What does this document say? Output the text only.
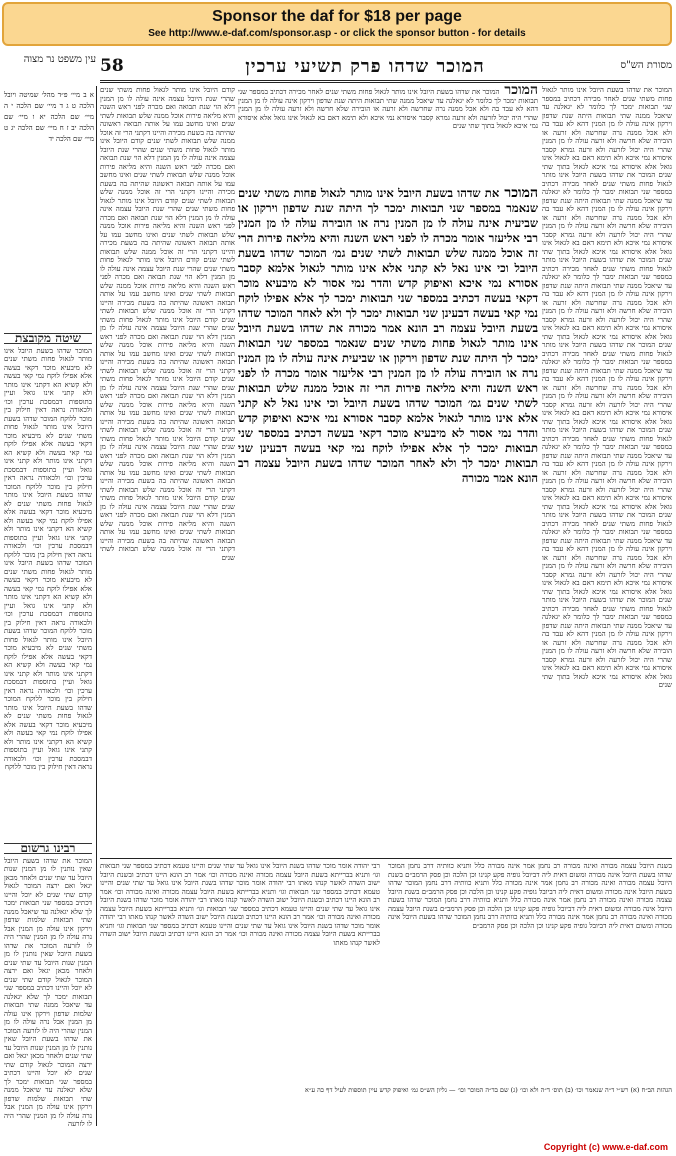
Sponsor the daf for $18 per page
See http://www.e-daf.com/sponsor.asp - or click the sponsor button - for details
עין משפט נר מצוה 58	המוכר שדהו פרק תשיעי ערכין	מסורת הש"ס
א ב מיי׳ פ״ד מהל׳ שמיטה ויובל הלכה ט ג ד מיי׳ שם הלכה י ה מיי׳ שם הלכה יא ו מיי׳ שם הלכה יב ז ח מיי׳ שם הלכה יג ט מיי׳ שם הלכה יד
שיטה מקובצת
המוכר שדהו בשעת היובל אינו מותר לגאול פחות משתי שנים לא מיבעיא מוכר דקאי בעשה אלא אפילו לוקח נמי קאי בעשה ולא קשיא הא דקתני אינו מותר ולא קתני אינו גואל ועיין בתוספות דבמסכת ערכין וכו׳ ולכאורה נראה דאין חילוק בין מוכר ללוקח המוכר שדהו בשעת היובל אינו מותר לגאול פחות משתי שנים לא מיבעיא מוכר דקאי בעשה אלא אפילו לוקח נמי קאי בעשה ולא קשיא הא דקתני אינו מותר ולא קתני אינו גואל ועיין בתוספות דבמסכת ערכין וכו׳ ולכאורה נראה דאין חילוק בין מוכר ללוקח המוכר שדהו בשעת היובל אינו מותר לגאול פחות משתי שנים לא מיבעיא מוכר דקאי בעשה אלא אפילו לוקח נמי קאי בעשה ולא קשיא הא דקתני אינו מותר ולא קתני אינו גואל ועיין בתוספות דבמסכת ערכין וכו׳ ולכאורה נראה דאין חילוק בין מוכר ללוקח המוכר שדהו בשעת היובל אינו מותר לגאול פחות משתי שנים לא מיבעיא מוכר דקאי בעשה אלא אפילו לוקח נמי קאי בעשה ולא קשיא הא דקתני אינו מותר ולא קתני אינו גואל ועיין בתוספות דבמסכת ערכין וכו׳ ולכאורה נראה דאין חילוק בין מוכר ללוקח המוכר שדהו בשעת היובל אינו מותר לגאול פחות משתי שנים לא מיבעיא מוכר דקאי בעשה אלא אפילו לוקח נמי קאי בעשה ולא קשיא הא דקתני אינו מותר ולא קתני אינו גואל ועיין בתוספות דבמסכת ערכין וכו׳ ולכאורה נראה דאין חילוק בין מוכר ללוקח המוכר שדהו בשעת היובל אינו מותר לגאול פחות משתי שנים לא מיבעיא מוכר דקאי בעשה אלא אפילו לוקח נמי קאי בעשה ולא קשיא הא דקתני אינו מותר ולא קתני אינו גואל ועיין בתוספות דבמסכת ערכין וכו׳ ולכאורה נראה דאין חילוק בין מוכר ללוקח
קודם היובל אינו מותר לגאול פחות משתי שנים שהרי שנת היובל עצמה אינה עולה לו מן המנין דלא הוי שנת תבואה ואם מכרה לפני ראש השנה והיא מליאה פירות אוכל ממנה שלש תבואות לשתי שנים ואינו מחשב עמו על אותה תבואה ראשונה שהיתה בה בשעת מכירה והיינו דקתני הרי זה אוכל ממנה שלש תבואות לשתי שנים קודם היובל אינו מותר לגאול פחות משתי שנים שהרי שנת היובל עצמה אינה עולה לו מן המנין דלא הוי שנת תבואה ואם מכרה לפני ראש השנה והיא מליאה פירות אוכל ממנה שלש תבואות לשתי שנים ואינו מחשב עמו על אותה תבואה ראשונה שהיתה בה בשעת מכירה והיינו דקתני הרי זה אוכל ממנה שלש תבואות לשתי שנים קודם היובל אינו מותר לגאול פחות משתי שנים שהרי שנת היובל עצמה אינה עולה לו מן המנין דלא הוי שנת תבואה ואם מכרה לפני ראש השנה והיא מליאה פירות אוכל ממנה שלש תבואות לשתי שנים ואינו מחשב עמו על אותה תבואה ראשונה שהיתה בה בשעת מכירה והיינו דקתני הרי זה אוכל ממנה שלש תבואות לשתי שנים קודם היובל אינו מותר לגאול פחות משתי שנים שהרי שנת היובל עצמה אינה עולה לו מן המנין דלא הוי שנת תבואה ואם מכרה לפני ראש השנה והיא מליאה פירות אוכל ממנה שלש תבואות לשתי שנים ואינו מחשב עמו על אותה תבואה ראשונה שהיתה בה בשעת מכירה והיינו דקתני הרי זה אוכל ממנה שלש תבואות לשתי שנים קודם היובל אינו מותר לגאול פחות משתי שנים שהרי שנת היובל עצמה אינה עולה לו מן המנין דלא הוי שנת תבואה ואם מכרה לפני ראש השנה והיא מליאה פירות אוכל ממנה שלש תבואות לשתי שנים ואינו מחשב עמו על אותה תבואה ראשונה שהיתה בה בשעת מכירה והיינו דקתני הרי זה אוכל ממנה שלש תבואות לשתי שנים קודם היובל אינו מותר לגאול פחות משתי שנים שהרי שנת היובל עצמה אינה עולה לו מן המנין דלא הוי שנת תבואה ואם מכרה לפני ראש השנה והיא מליאה פירות אוכל ממנה שלש תבואות לשתי שנים ואינו מחשב עמו על אותה תבואה ראשונה שהיתה בה בשעת מכירה והיינו דקתני הרי זה אוכל ממנה שלש תבואות לשתי שנים קודם היובל אינו מותר לגאול פחות משתי שנים שהרי שנת היובל עצמה אינה עולה לו מן המנין דלא הוי שנת תבואה ואם מכרה לפני ראש השנה והיא מליאה פירות אוכל ממנה שלש תבואות לשתי שנים ואינו מחשב עמו על אותה תבואה ראשונה שהיתה בה בשעת מכירה והיינו דקתני הרי זה אוכל ממנה שלש תבואות לשתי שנים קודם היובל אינו מותר לגאול פחות משתי שנים שהרי שנת היובל עצמה אינה עולה לו מן המנין דלא הוי שנת תבואה ואם מכרה לפני ראש השנה והיא מליאה פירות אוכל ממנה שלש תבואות לשתי שנים ואינו מחשב עמו על אותה תבואה ראשונה שהיתה בה בשעת מכירה והיינו דקתני הרי זה אוכל ממנה שלש תבואות לשתי שנים
המוכר המוכר את שדהו בשעת היובל אינו מותר לגאול פחות משתי שנים לאחר מכירה דכתיב במספר שני תבואות ימכר לך כלומר לא יגאלנה עד שיאכל ממנה שתי תבואות היתה שנת שדפון וירקון אינה עולה לו מן המנין דהא לא עבד בה ולא אכל ממנה נרה שחרשה ולא זרעה או הובירה שלא חרשה ולא זרעה עולה לו מן המנין שהרי היה יכול לזרעה ולא זרעה גמרא קסבר איסורא נמי איכא ולא תימא דאם בא לגאול אינו גואל אלא איסורא נמי איכא לגאול בתוך שתי שנים
המוכר את שדהו בשעת היובל אינו מותר לגאול פחות משתי שנים שנאמר במספר שני תבואות ימכר לך היתה שנת שדפון וירקון או שביעית אינה עולה לו מן המנין נרה או הובירה עולה לו מן המנין רבי אליעזר אומר מכרה לו לפני ראש השנה והיא מליאה פירות הרי זה אוכל ממנה שלש תבואות לשתי שנים גמ׳ המוכר שדהו בשעת היובל וכי אינו נאל לא קתני אלא אינו מותר לגאול אלמא קסבר אסורא נמי איכא ואיפוק קדש והדר נמי אסור לא מיבעיא מוכר דקאי בעשה דכתיב במספר שני תבואות ימכר לך אלא אפילו לוקח נמי קאי בעשה דבעינן שני תבואות ימכר לך ולא לאחר המוכר שדהו בשעת היובל עצמה רב הונא אמר מכורה את שדהו בשעת היובל אינו מותר לגאול פחות משתי שנים שנאמר במספר שני תבואות ימכר לך היתה שנת שדפון וירקון או שביעית אינה עולה לו מן המנין נרה או הובירה עולה לו מן המנין רבי אליעזר אומר מכרה לו לפני ראש השנה והיא מליאה פירות הרי זה אוכל ממנה שלש תבואות לשתי שנים גמ׳ המוכר שדהו בשעת היובל וכי אינו נאל לא קתני אלא אינו מותר לגאול אלמא קסבר אסורא נמי איכא ואיפוק קדש והדר נמי אסור לא מיבעיא מוכר דקאי בעשה דכתיב במספר שני תבואות ימכר לך אלא אפילו לוקח נמי קאי בעשה דבעינן שני תבואות ימכר לך ולא לאחר המוכר שדהו בשעת היובל עצמה רב הונא אמר מכורה
המוכר את שדהו בשעת היובל אינו מותר לגאול פחות משתי שנים לאחר מכירה דכתיב במספר שני תבואות ימכר לך כלומר לא יגאלנה עד שיאכל ממנה שתי תבואות היתה שנת שדפון וירקון אינה עולה לו מן המנין דהא לא עבד בה ולא אכל ממנה נרה שחרשה ולא זרעה או הובירה שלא חרשה ולא זרעה עולה לו מן המנין שהרי היה יכול לזרעה ולא זרעה גמרא קסבר איסורא נמי איכא ולא תימא דאם בא לגאול אינו גואל אלא איסורא נמי איכא לגאול בתוך שתי שנים המוכר את שדהו בשעת היובל אינו מותר לגאול פחות משתי שנים לאחר מכירה דכתיב במספר שני תבואות ימכר לך כלומר לא יגאלנה עד שיאכל ממנה שתי תבואות היתה שנת שדפון וירקון אינה עולה לו מן המנין דהא לא עבד בה ולא אכל ממנה נרה שחרשה ולא זרעה או הובירה שלא חרשה ולא זרעה עולה לו מן המנין שהרי היה יכול לזרעה ולא זרעה גמרא קסבר איסורא נמי איכא ולא תימא דאם בא לגאול אינו גואל אלא איסורא נמי איכא לגאול בתוך שתי שנים המוכר את שדהו בשעת היובל אינו מותר לגאול פחות משתי שנים לאחר מכירה דכתיב במספר שני תבואות ימכר לך כלומר לא יגאלנה עד שיאכל ממנה שתי תבואות היתה שנת שדפון וירקון אינה עולה לו מן המנין דהא לא עבד בה ולא אכל ממנה נרה שחרשה ולא זרעה או הובירה שלא חרשה ולא זרעה עולה לו מן המנין שהרי היה יכול לזרעה ולא זרעה גמרא קסבר איסורא נמי איכא ולא תימא דאם בא לגאול אינו גואל אלא איסורא נמי איכא לגאול בתוך שתי שנים המוכר את שדהו בשעת היובל אינו מותר לגאול פחות משתי שנים לאחר מכירה דכתיב במספר שני תבואות ימכר לך כלומר לא יגאלנה עד שיאכל ממנה שתי תבואות היתה שנת שדפון וירקון אינה עולה לו מן המנין דהא לא עבד בה ולא אכל ממנה נרה שחרשה ולא זרעה או הובירה שלא חרשה ולא זרעה עולה לו מן המנין שהרי היה יכול לזרעה ולא זרעה גמרא קסבר איסורא נמי איכא ולא תימא דאם בא לגאול אינו גואל אלא איסורא נמי איכא לגאול בתוך שתי שנים המוכר את שדהו בשעת היובל אינו מותר לגאול פחות משתי שנים לאחר מכירה דכתיב במספר שני תבואות ימכר לך כלומר לא יגאלנה עד שיאכל ממנה שתי תבואות היתה שנת שדפון וירקון אינה עולה לו מן המנין דהא לא עבד בה ולא אכל ממנה נרה שחרשה ולא זרעה או הובירה שלא חרשה ולא זרעה עולה לו מן המנין שהרי היה יכול לזרעה ולא זרעה גמרא קסבר איסורא נמי איכא ולא תימא דאם בא לגאול אינו גואל אלא איסורא נמי איכא לגאול בתוך שתי שנים המוכר את שדהו בשעת היובל אינו מותר לגאול פחות משתי שנים לאחר מכירה דכתיב במספר שני תבואות ימכר לך כלומר לא יגאלנה עד שיאכל ממנה שתי תבואות היתה שנת שדפון וירקון אינה עולה לו מן המנין דהא לא עבד בה ולא אכל ממנה נרה שחרשה ולא זרעה או הובירה שלא חרשה ולא זרעה עולה לו מן המנין שהרי היה יכול לזרעה ולא זרעה גמרא קסבר איסורא נמי איכא ולא תימא דאם בא לגאול אינו גואל אלא איסורא נמי איכא לגאול בתוך שתי שנים המוכר את שדהו בשעת היובל אינו מותר לגאול פחות משתי שנים לאחר מכירה דכתיב במספר שני תבואות ימכר לך כלומר לא יגאלנה עד שיאכל ממנה שתי תבואות היתה שנת שדפון וירקון אינה עולה לו מן המנין דהא לא עבד בה ולא אכל ממנה נרה שחרשה ולא זרעה או הובירה שלא חרשה ולא זרעה עולה לו מן המנין שהרי היה יכול לזרעה ולא זרעה גמרא קסבר איסורא נמי איכא ולא תימא דאם בא לגאול אינו גואל אלא איסורא נמי איכא לגאול בתוך שתי שנים
רבינו גרשום
המוכר את שדהו בשעת היובל שאין נותנין לו מן המנין שנות היובל עד שתי שנים ולאחר מכאן יגאל ואם ירצה המוכר לגאול קודם שתי שנים לא יוכל והיינו דכתיב במספר שני תבואות ימכר לך שלא יגאלנה עד שיאכל ממנה שתי תבואות שלמות שדפון וירקון אינו עולה מן המנין אבל נרה עולה לו מן המנין שהרי היה לו לזרעה המוכר את שדהו בשעת היובל שאין נותנין לו מן המנין שנות היובל עד שתי שנים ולאחר מכאן יגאל ואם ירצה המוכר לגאול קודם שתי שנים לא יוכל והיינו דכתיב במספר שני תבואות ימכר לך שלא יגאלנה עד שיאכל ממנה שתי תבואות שלמות שדפון וירקון אינו עולה מן המנין אבל נרה עולה לו מן המנין שהרי היה לו לזרעה המוכר את שדהו בשעת היובל שאין נותנין לו מן המנין שנות היובל עד שתי שנים ולאחר מכאן יגאל ואם ירצה המוכר לגאול קודם שתי שנים לא יוכל והיינו דכתיב במספר שני תבואות ימכר לך שלא יגאלנה עד שיאכל ממנה שתי תבואות שלמות שדפון וירקון אינו עולה מן המנין אבל נרה עולה לו מן המנין שהרי היה לו לזרעה
רבי יהודה אומר מוכר שדהו בשנת היובל אינו גואל עד שתי שנים והיינו טעמא דכתיב במספר שני תבואות וגו׳ ותניא בברייתא בשעת היובל עצמה מכורה ואינה מכורה וכו׳ אמר רב הונא היינו דכתיב ובשנת היובל ישוב השדה לאשר קנהו מאתו רבי יהודה אומר מוכר שדהו בשנת היובל אינו גואל עד שתי שנים והיינו טעמא דכתיב במספר שני תבואות וגו׳ ותניא בברייתא בשעת היובל עצמה מכורה ואינה מכורה וכו׳ אמר רב הונא היינו דכתיב ובשנת היובל ישוב השדה לאשר קנהו מאתו רבי יהודה אומר מוכר שדהו בשנת היובל אינו גואל עד שתי שנים והיינו טעמא דכתיב במספר שני תבואות וגו׳ ותניא בברייתא בשעת היובל עצמה מכורה ואינה מכורה וכו׳ אמר רב הונא היינו דכתיב ובשנת היובל ישוב השדה לאשר קנהו מאתו רבי יהודה אומר מוכר שדהו בשנת היובל אינו גואל עד שתי שנים והיינו טעמא דכתיב במספר שני תבואות וגו׳ ותניא בברייתא בשעת היובל עצמה מכורה ואינה מכורה וכו׳ אמר רב הונא היינו דכתיב ובשנת היובל ישוב השדה לאשר קנהו מאתו
בשנת היובל עצמה מכורה ואינה מכורה רב נחמן אמר אינה מכורה כלל ותניא כוותיה דרב נחמן המוכר שדהו בשעת היובל אינה מכורה ומשום דאית ליה דביובל גופיה פקע קנינו וכן הלכה וכן פסק הרמב״ם בשנת היובל עצמה מכורה ואינה מכורה רב נחמן אמר אינה מכורה כלל ותניא כוותיה דרב נחמן המוכר שדהו בשעת היובל אינה מכורה ומשום דאית ליה דביובל גופיה פקע קנינו וכן הלכה וכן פסק הרמב״ם בשנת היובל עצמה מכורה ואינה מכורה רב נחמן אמר אינה מכורה כלל ותניא כוותיה דרב נחמן המוכר שדהו בשעת היובל אינה מכורה ומשום דאית ליה דביובל גופיה פקע קנינו וכן הלכה וכן פסק הרמב״ם בשנת היובל עצמה מכורה ואינה מכורה רב נחמן אמר אינה מכורה כלל ותניא כוותיה דרב נחמן המוכר שדהו בשעת היובל אינה מכורה ומשום דאית ליה דביובל גופיה פקע קנינו וכן הלכה וכן פסק הרמב״ם
הגהות הב״ח (א) רש״י ד״ה שנאמר וכו׳ (ב) תוס׳ ד״ה ולא וכו׳ (ג) שם בד״ה המוכר וכו׳ — גליון הש״ס גמ׳ ואיפוק קדש עיין תוספות לעיל דף כה ע״א
Copyright (c) www.e-daf.com
